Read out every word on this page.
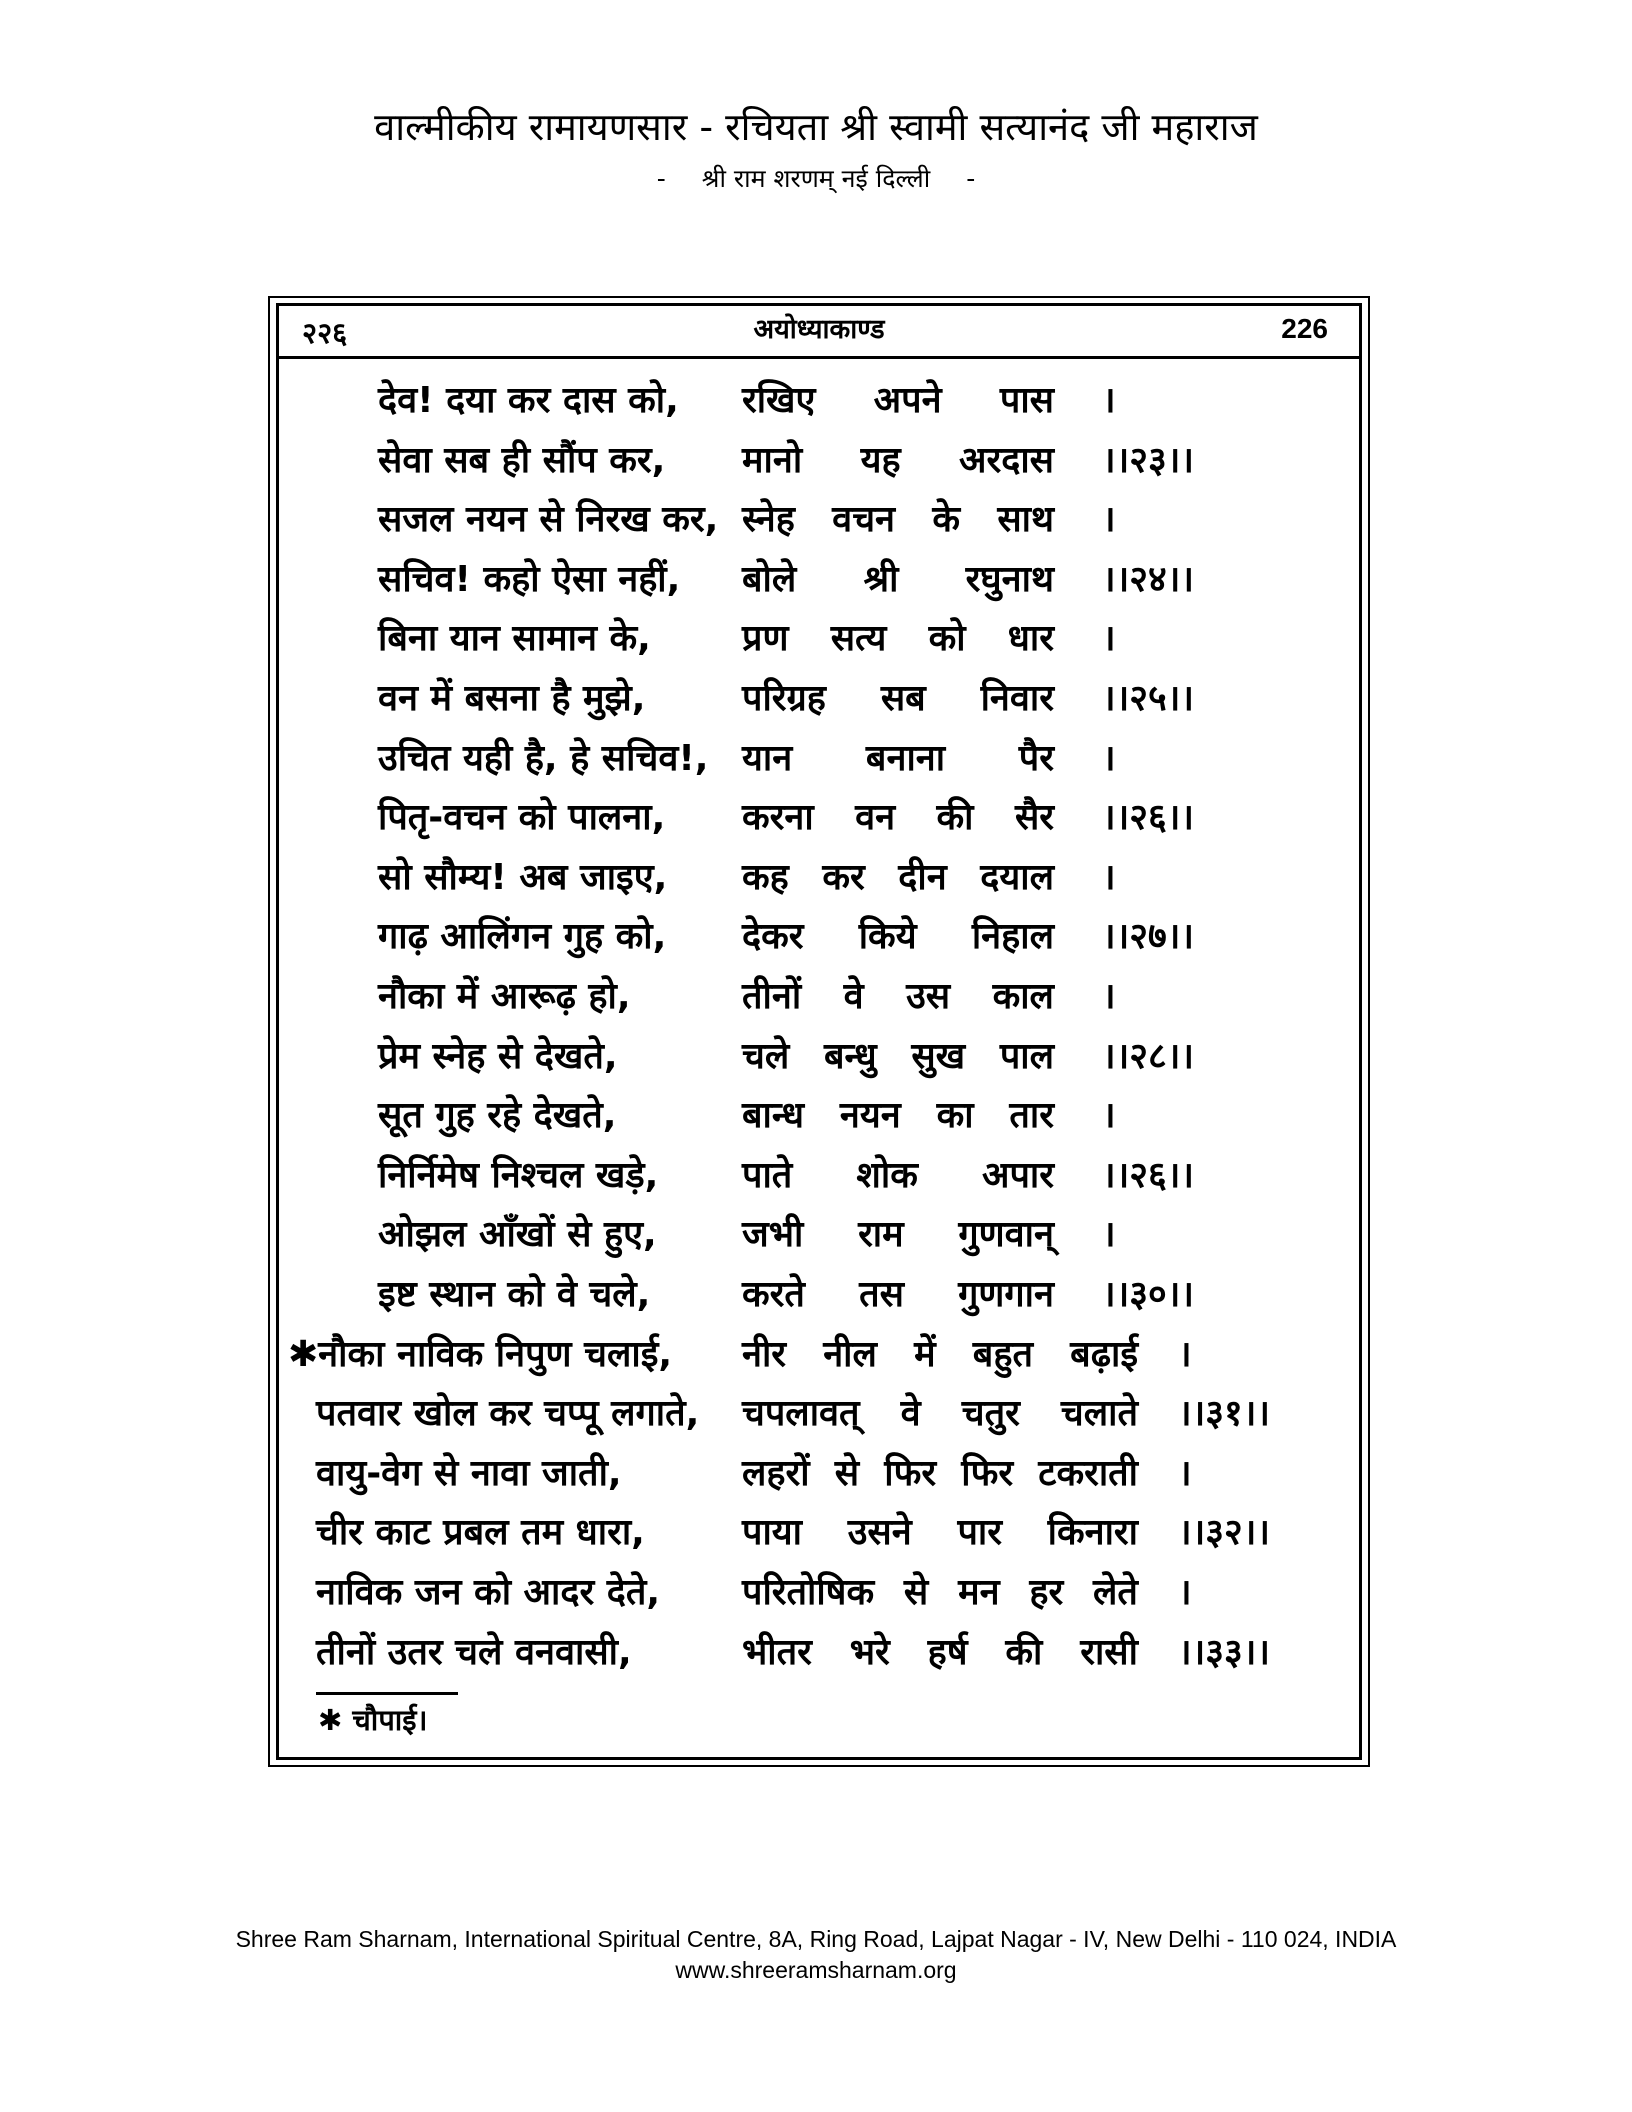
वाल्मीकीय रामायणसार - रचियता श्री स्वामी सत्यानंद जी महाराज
- श्री राम शरणम् नई दिल्ली -
२२६	अयोध्याकाण्ड	226
देव! दया कर दास को, रखिए अपने पास ।
सेवा सब ही सौंप कर, मानो यह अरदास ।।२३।।
सजल नयन से निरख कर, स्नेह वचन के साथ ।
सचिव! कहो ऐसा नहीं, बोले श्री रघुनाथ ।।२४।।
बिना यान सामान के,	प्रण सत्य को धार ।
वन में बसना है मुझे,	परिग्रह सब निवार ।।२५।।
उचित यही है, हे सचिव!, यान बनाना पैर ।
पितृ-वचन को पालना, करना वन की सैर ।।२६।।
सो सौम्य! अब जाइए, कह कर दीन दयाल ।
गाढ़ आलिंगन गुह को, देकर किये निहाल ।।२७।।
नौका में आरूढ़ हो,	तीनों वे उस काल ।
प्रेम स्नेह से देखते,	चले बन्धु सुख पाल ।।२८।।
सूत गुह रहे देखते,	बान्ध नयन का तार ।
निर्निमेष निश्चल खड़े, पाते शोक अपार ।।२६।।
ओझल आँखों से हुए, जभी राम गुणवान् ।
इष्ट स्थान को वे चले,	करते तस गुणगान ।।३०।।
✱नौका नाविक निपुण चलाई, नीर नील में बहुत बढ़ाई ।
पतवार खोल कर चप्पू लगाते, चपलावत् वे चतुर चलाते ।।३१।।
वायु-वेग से नावा जाती,	लहरों से फिर फिर टकराती ।
चीर काट प्रबल तम धारा,	पाया उसने पार किनारा ।।३२।।
नाविक जन को आदर देते, परितोषिक से मन हर लेते ।
तीनों उतर चले वनवासी,	भीतर भरे हर्ष की रासी ।।३३।।
✱ चौपाई।
Shree Ram Sharnam, International Spiritual Centre, 8A, Ring Road, Lajpat Nagar - IV, New Delhi - 110 024, INDIA
www.shreeramsharnam.org
